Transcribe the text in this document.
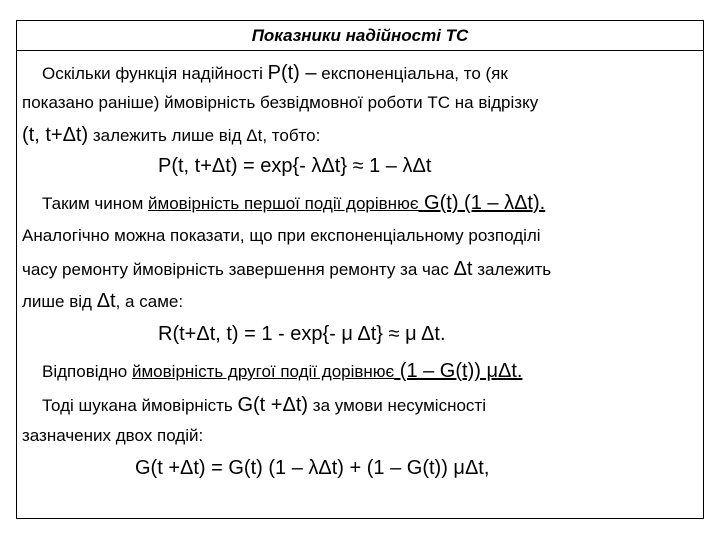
Показники надійності ТС
Оскільки функція надійності P(t) – експоненціальна, то (як
показано раніше) ймовірність безвідмовної роботи ТС на відрізку
(t, t+Δt) залежить лише від Δt, тобто:
P(t, t+Δt) = exp{- λΔt} ≈ 1 – λΔt
Таким чином ймовірність першої події дорівнює G(t) (1 – λΔt).
Аналогічно можна показати, що при експоненціальному розподілі
часу ремонту ймовірність завершення ремонту за час Δt залежить
лише від Δt, а саме:
R(t+Δt, t) = 1 - exp{- μ Δt} ≈ μ Δt.
Відповідно ймовірність другої події дорівнює (1 – G(t)) μΔt.
Тоді шукана ймовірність G(t +Δt) за умови несумісності
зазначених двох подій:
G(t +Δt) = G(t) (1 – λΔt) + (1 – G(t)) μΔt,
